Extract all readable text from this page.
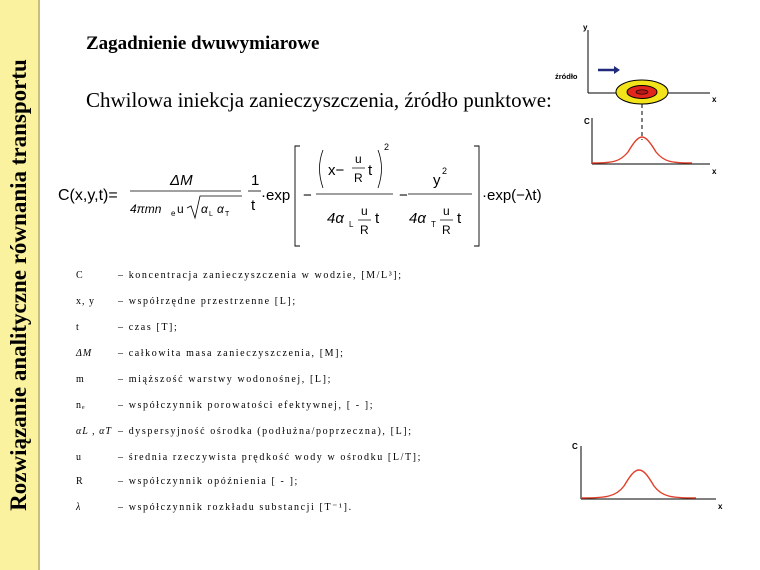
Rozwiązanie analityczne równania transportu
Zagadnienie dwuwymiarowe
Chwilowa iniekcja zanieczyszczenia, źródło punktowe:
C(x,y,t)=
ΔM
4πmn e u α L α T
1
t
·exp −
x−
u
R t
2
4α L
u
R
t
−
y
2
4α T
u
R
t
·exp(−λt)
C	– koncentracja zanieczyszczenia w wodzie, [M/L³];
x, y	– współrzędne przestrzenne [L];
t	– czas [T];
ΔM	– całkowita masa zanieczyszczenia, [M];
m	– miąższość warstwy wodonośnej, [L];
nₑ	– współczynnik porowatości efektywnej, [ - ];
αL , αT – dyspersyjność ośrodka (podłużna/poprzeczna), [L];
u	– średnia rzeczywista prędkość wody w ośrodku [L/T];
R	– współczynnik opóźnienia [ - ];
λ	– współczynnik rozkładu substancji [T⁻¹].
y
x
źródło
C
x
C
x
